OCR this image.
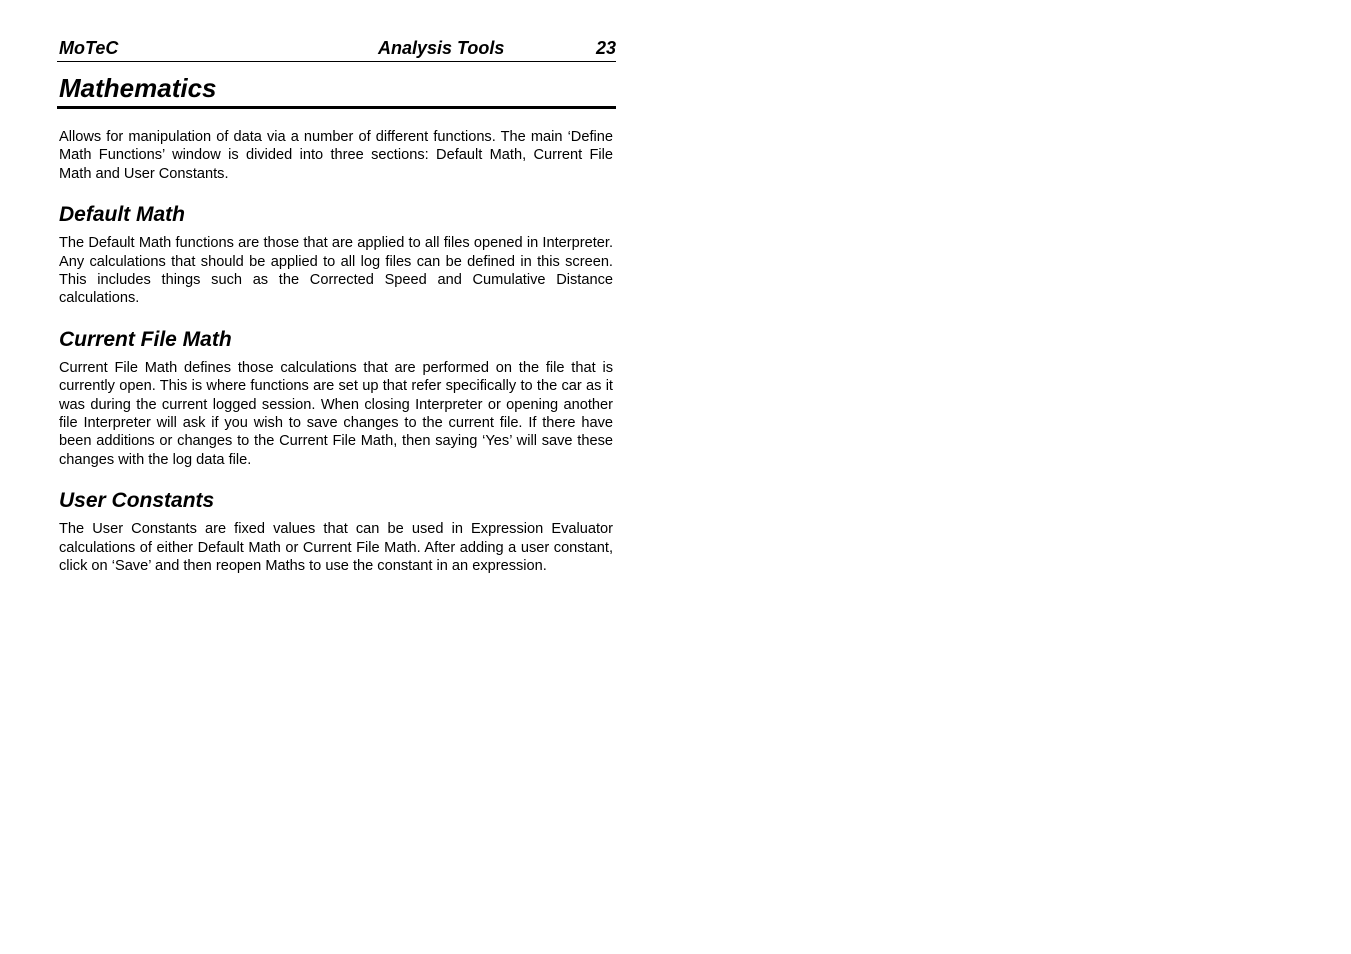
MoTeC	Analysis Tools	23
Mathematics

Allows for manipulation of data via a number of different functions. The main ‘Define Math Functions’ window is divided into three sections: Default Math, Current File Math and User Constants.

Default Math

The Default Math functions are those that are applied to all files opened in Interpreter. Any calculations that should be applied to all log files can be defined in this screen. This includes things such as the Corrected Speed and Cumulative Distance calculations.

Current File Math

Current File Math defines those calculations that are performed on the file that is currently open. This is where functions are set up that refer specifically to the car as it was during the current logged session. When closing Interpreter or opening another file Interpreter will ask if you wish to save changes to the current file. If there have been additions or changes to the Current File Math, then saying ‘Yes’ will save these changes with the log data file.

User Constants

The User Constants are fixed values that can be used in Expression Evaluator calculations of either Default Math or Current File Math. After adding a user constant, click on ‘Save’ and then reopen Maths to use the constant in an expression.
